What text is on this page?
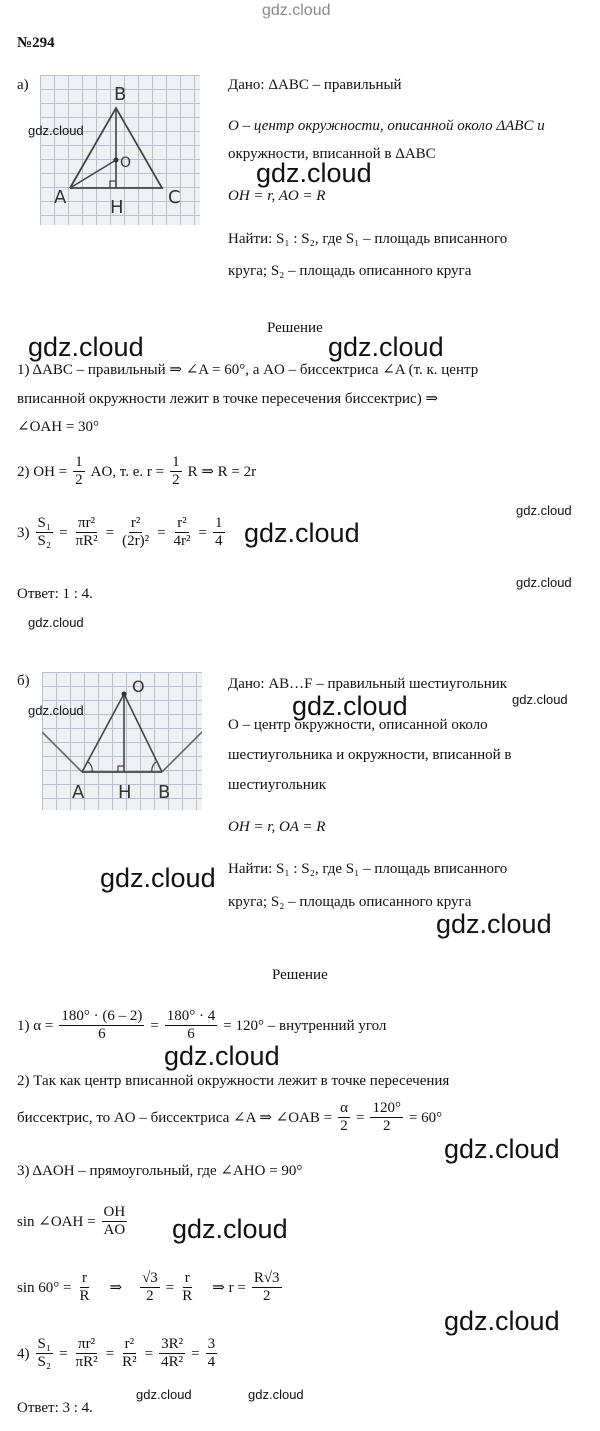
gdz.cloud
№294
а)	B
O
A H C
Дано: ΔABC – правильный
O – центр окружности, описанной около ΔABC и
окружности, вписанной в ΔABC
OH = r, AO = R
Найти: S₁ : S₂, где S₁ – площадь вписанного
круга; S₂ – площадь описанного круга
Решение
1) ΔABC – правильный ⇒ ∠A = 60°, а AO – биссектриса ∠A (т. к. центр
вписанной окружности лежит в точке пересечения биссектрис) ⇒
∠OAH = 30°
2) OH = $\frac{1}{2}$ AO, т. е. $r = \frac{1}{2}$ R ⇒ R = 2r
$3) \frac{\text{S₁}}{\text{S₂}} = \frac{\text{πr²}}{\text{πR²}} = \frac{\text{r²}}{\text{(2r)²}} = \frac{\text{r²}}{\text{4r²}} = \frac{1}{4}$
Ответ: 1 : 4.
б)	O
A H B
Дано: AB…F – правильный шестиугольник
O – центр окружности, описанной около
шестиугольника и окружности, вписанной в
шестиугольник
OH = r, OA = R
Найти: S₁ : S₂, где S₁ – площадь вписанного
круга; S₂ – площадь описанного круга
Решение
1) $\alpha = \frac{180^\circ \cdot (6 - 2)}{6} = \frac{180^\circ \cdot 4}{6} = 120^\circ$ – внутренний угол
2) Так как центр вписанной окружности лежит в точке пересечения
биссектрис, то AO – биссектриса ∠A ⇒ ∠OAB = $\frac{\alpha}{2} = \frac{120^\circ}{2} = 60^\circ$
3) ΔAOH – прямоугольный, где ∠AHO = 90°
sin ∠OAH = $\frac{OH}{AO}$
$\sin 60^\circ = \frac{r}{R}$ ⇒ $\frac{√3}{2} = \frac{r}{R}$ ⇒ $r = \frac{R√3}{2}$
$4) \frac{\text{S₁}}{\text{S₂}} = \frac{\text{πr²}}{\text{πR²}} = \frac{\text{r²}}{\text{R²}} = \frac{\text{3R²}}{\text{4R²}} = \frac{3}{4}$
Ответ: 3 : 4.
gdz.cloud
gdz.cloud
gdz.cloud	gdz.cloud
gdz.cloud
gdz.cloud
gdz.cloud
gdz.cloud
gdz.cloud
gdz.cloud
gdz.cloud
gdz.cloud
gdz.cloud
gdz.cloud
gdz.cloud
gdz.cloud
gdz.cloud
gdz.cloud	gdz.cloud
